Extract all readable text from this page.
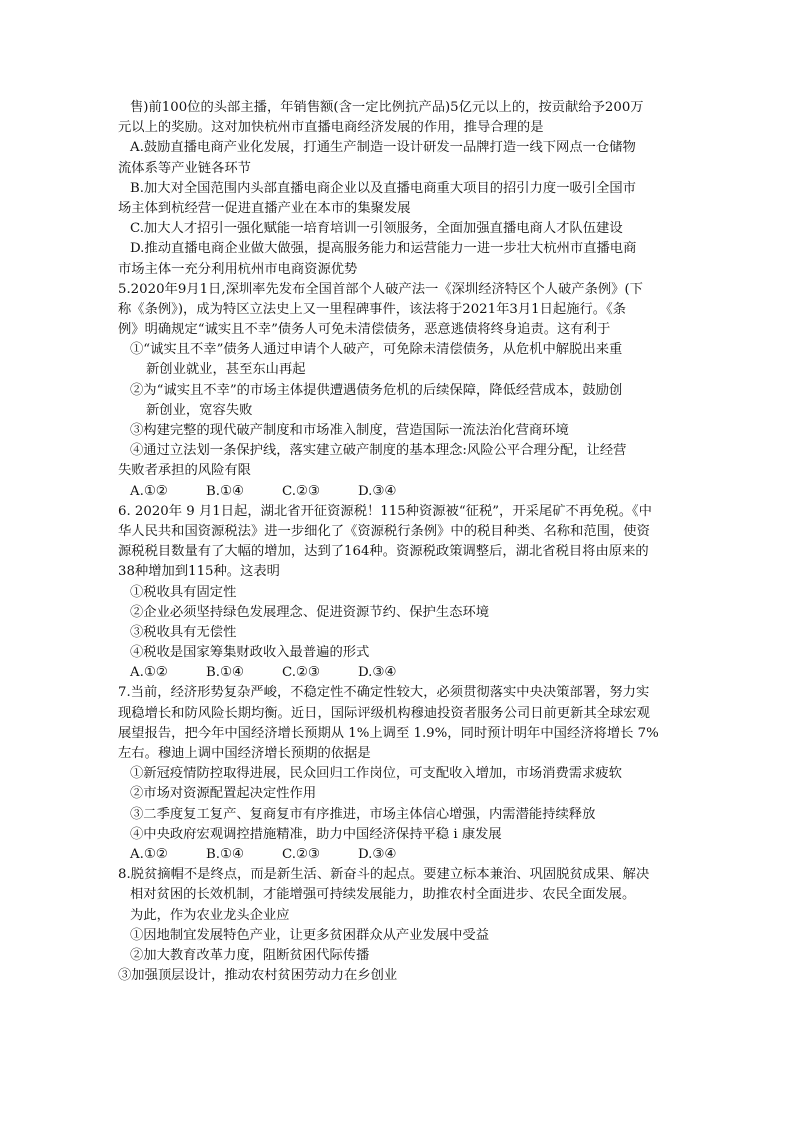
售)前100位的头部主播，年销售额(含一定比例抗产品)5亿元以上的，按贡献给予200万
元以上的奖励。这对加快杭州市直播电商经济发展的作用，推导合理的是
A.鼓励直播电商产业化发展，打通生产制造一设计研发一品牌打造一线下网点一仓储物
流体系等产业链各环节
B.加大对全国范围内头部直播电商企业以及直播电商重大项目的招引力度一吸引全国市
场主体到杭经营一促进直播产业在本市的集聚发展
C.加大人才招引一强化赋能一培育培训一引领服务，全面加强直播电商人才队伍建设
D.推动直播电商企业做大做强，提高服务能力和运营能力一进一步壮大杭州市直播电商
市场主体一充分利用杭州市电商资源优势
5.2020年9月1日,深圳率先发布全国首部个人破产法一《深圳经济特区个人破产条例》(下
称《条例》)，成为特区立法史上又一里程碑事件，该法将于2021年3月1日起施行。《条
例》明确规定“诚实且不幸”债务人可免未清偿债务，恶意逃债将终身追责。这有利于
①“诚实且不幸”债务人通过申请个人破产，可免除未清偿债务，从危机中解脱出来重
新创业就业，甚至东山再起
②为“诚实且不幸”的市场主体提供遭遇债务危机的后续保障，降低经营成本，鼓励创
新创业，宽容失败
③构建完整的现代破产制度和市场准入制度，营造国际一流法治化营商环境
④通过立法划一条保护线，落实建立破产制度的基本理念:风险公平合理分配，让经营
失败者承担的风险有限
A.①②	B.①④	C.②③	D.③④
6. 2020年 9 月1日起，湖北省开征资源税！115种资源被“征税”，开采尾矿不再免税。《中
华人民共和国资源税法》进一步细化了《资源税行条例》中的税目种类、名称和范围，使资
源税税目数量有了大幅的增加，达到了164种。资源税政策调整后，湖北省税目将由原来的
38种增加到115种。这表明
①税收具有固定性
②企业必须坚持绿色发展理念、促进资源节约、保护生态环境
③税收具有无偿性
④税收是国家筹集财政收入最普遍的形式
A.①②	B.①④	C.②③	D.③④
7.当前，经济形势复杂严峻，不稳定性不确定性较大，必须贯彻落实中央决策部署，努力实
现稳增长和防风险长期均衡。近日，国际评级机构穆迪投资者服务公司日前更新其全球宏观
展望报告，把今年中国经济增长预期从 1%上调至 1.9%，同时预计明年中国经济将增长 7%
左右。穆迪上调中国经济增长预期的依据是
①新冠疫情防控取得进展，民众回归工作岗位，可支配收入增加，市场消费需求疲软
②市场对资源配置起决定性作用
③二季度复工复产、复商复市有序推进，市场主体信心增强，内需潜能持续释放
④中央政府宏观调控措施精准，助力中国经济保持平稳 i 康发展
A.①②	B.①④	C.②③	D.③④
8.脱贫摘帽不是终点，而是新生活、新奋斗的起点。要建立标本兼治、巩固脱贫成果、解决
相对贫困的长效机制，才能增强可持续发展能力，助推农村全面进步、农民全面发展。
为此，作为农业龙头企业应
①因地制宜发展特色产业，让更多贫困群众从产业发展中受益
②加大教育改革力度，阻断贫困代际传播
③加强顶层设计，推动农村贫困劳动力在乡创业
